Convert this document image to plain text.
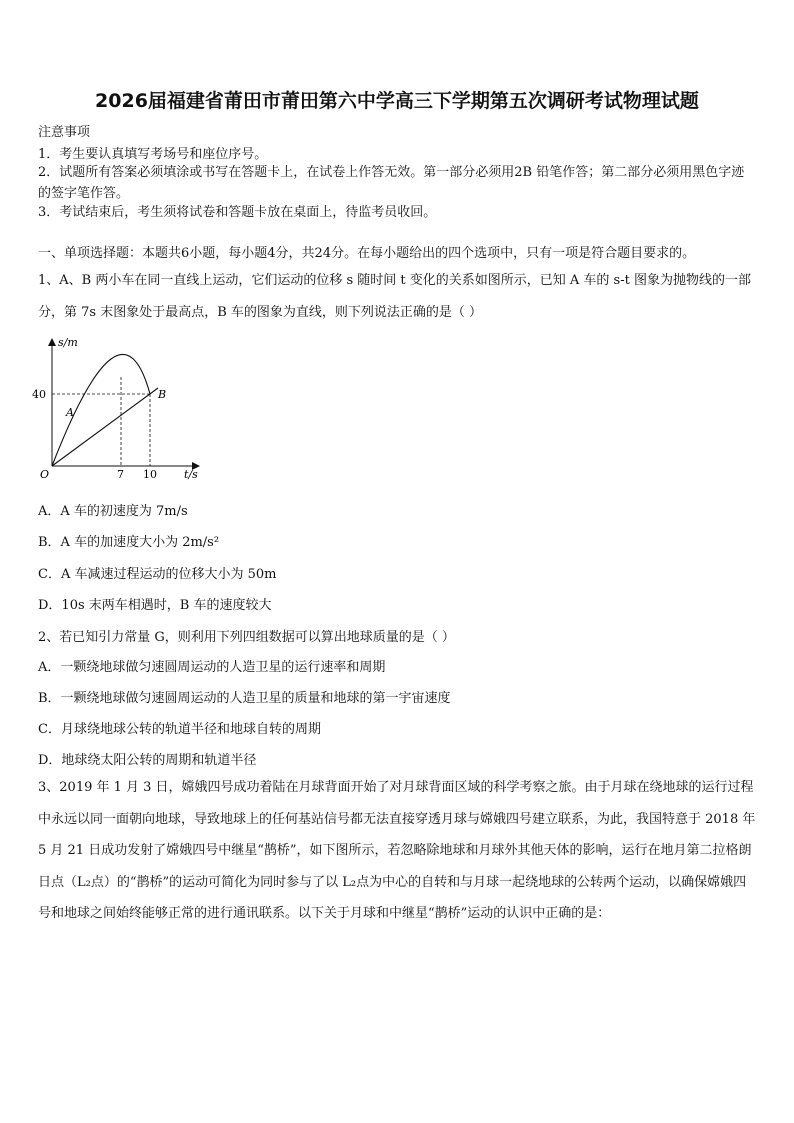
2026届福建省莆田市莆田第六中学高三下学期第五次调研考试物理试题
注意事项
1．考生要认真填写考场号和座位序号。
2．试题所有答案必须填涂或书写在答题卡上，在试卷上作答无效。第一部分必须用2B 铅笔作答；第二部分必须用黑色字迹的签字笔作答。
3．考试结束后，考生须将试卷和答题卡放在桌面上，待监考员收回。
一、单项选择题：本题共6小题，每小题4分，共24分。在每小题给出的四个选项中，只有一项是符合题目要求的。
1、A、B 两小车在同一直线上运动，它们运动的位移 s 随时间 t 变化的关系如图所示，已知 A 车的 s-t 图象为抛物线的一部分，第 7s 末图象处于最高点，B 车的图象为直线，则下列说法正确的是（ ）
s/m
t/s
O
40
7 10
A
B
A．A 车的初速度为 7m/s
B．A 车的加速度大小为 2m/s²
C．A 车减速过程运动的位移大小为 50m
D．10s 末两车相遇时，B 车的速度较大
2、若已知引力常量 G，则利用下列四组数据可以算出地球质量的是（ ）
A．一颗绕地球做匀速圆周运动的人造卫星的运行速率和周期
B．一颗绕地球做匀速圆周运动的人造卫星的质量和地球的第一宇宙速度
C．月球绕地球公转的轨道半径和地球自转的周期
D．地球绕太阳公转的周期和轨道半径
3、2019 年 1 月 3 日，嫦娥四号成功着陆在月球背面开始了对月球背面区域的科学考察之旅。由于月球在绕地球的运行过程中永远以同一面朝向地球，导致地球上的任何基站信号都无法直接穿透月球与嫦娥四号建立联系，为此，我国特意于 2018 年 5 月 21 日成功发射了嫦娥四号中继星“鹊桥”，如下图所示，若忽略除地球和月球外其他天体的影响，运行在地月第二拉格朗日点（L₂点）的“鹊桥”的运动可简化为同时参与了以 L₂点为中心的自转和与月球一起绕地球的公转两个运动，以确保嫦娥四号和地球之间始终能够正常的进行通讯联系。以下关于月球和中继星“鹊桥”运动的认识中正确的是：
